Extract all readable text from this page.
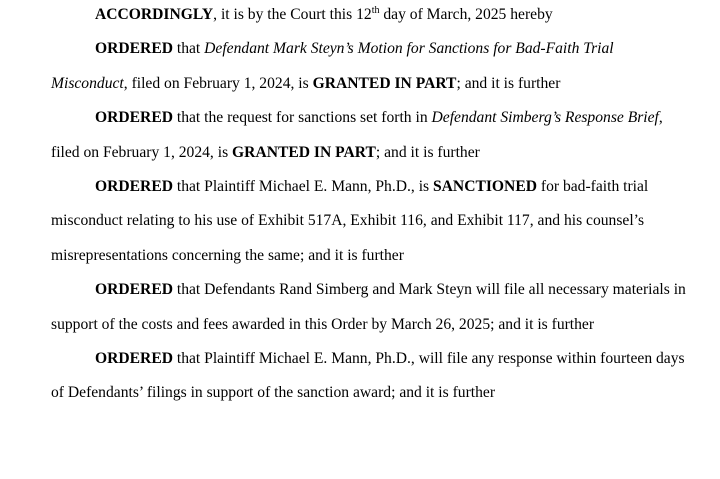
ACCORDINGLY, it is by the Court this 12th day of March, 2025 hereby

ORDERED that Defendant Mark Steyn’s Motion for Sanctions for Bad-Faith Trial Misconduct, filed on February 1, 2024, is GRANTED IN PART; and it is further

ORDERED that the request for sanctions set forth in Defendant Simberg’s Response Brief, filed on February 1, 2024, is GRANTED IN PART; and it is further

ORDERED that Plaintiff Michael E. Mann, Ph.D., is SANCTIONED for bad-faith trial misconduct relating to his use of Exhibit 517A, Exhibit 116, and Exhibit 117, and his counsel’s misrepresentations concerning the same; and it is further

ORDERED that Defendants Rand Simberg and Mark Steyn will file all necessary materials in support of the costs and fees awarded in this Order by March 26, 2025; and it is further

ORDERED that Plaintiff Michael E. Mann, Ph.D., will file any response within fourteen days of Defendants’ filings in support of the sanction award; and it is further
